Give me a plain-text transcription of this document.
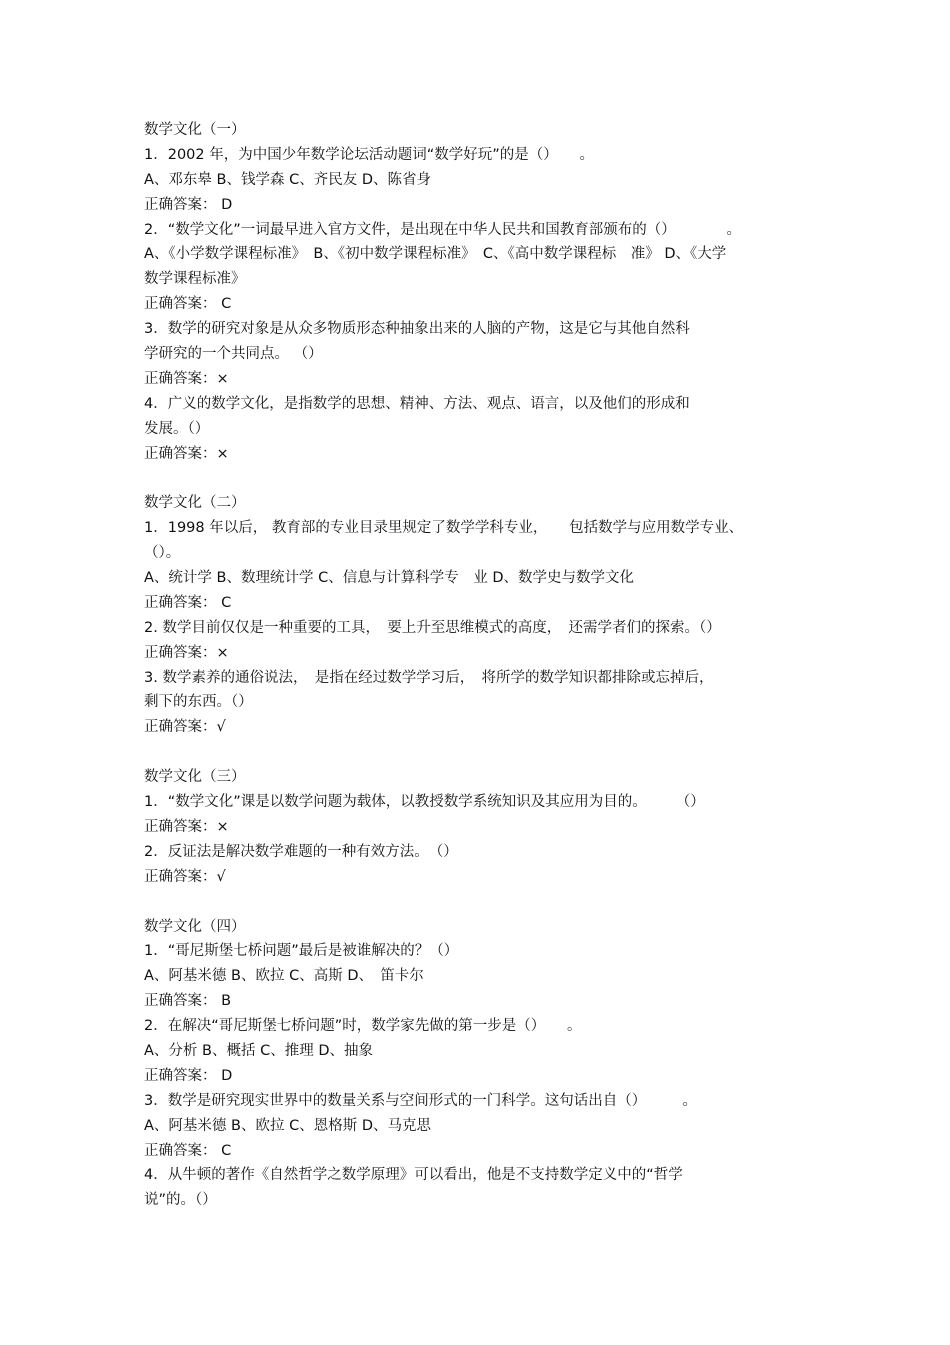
数学文化（一）
1．2002 年，为中国少年数学论坛活动题词“数学好玩”的是（）　　。
A、邓东皋 B、钱学森 C、齐民友 D、陈省身
正确答案： D
2．“数学文化”一词最早进入官方文件，是出现在中华人民共和国教育部颁布的（）　　　　。
A、《小学数学课程标准》　B、《初中数学课程标准》　C、《高中数学课程标　准》 D、《大学
数学课程标准》
正确答案： C
3．数学的研究对象是从众多物质形态种抽象出来的人脑的产物，这是它与其他自然科
学研究的一个共同点。 （）
正确答案：×
4．广义的数学文化，是指数学的思想、精神、方法、观点、语言，以及他们的形成和
发展。（）
正确答案：×
数学文化（二）
1．1998 年以后， 教育部的专业目录里规定了数学学科专业，　　包括数学与应用数学专业、
（）。
A、统计学 B、数理统计学 C、信息与计算科学专　业 D、数学史与数学文化
正确答案： C
2. 数学目前仅仅是一种重要的工具，　要上升至思维模式的高度，　还需学者们的探索。（）
正确答案：×
3. 数学素养的通俗说法，　是指在经过数学学习后，　将所学的数学知识都排除或忘掉后，
剩下的东西。（）
正确答案：√
数学文化（三）
1．“数学文化”课是以数学问题为载体，以教授数学系统知识及其应用为目的。　　　（）
正确答案：×
2．反证法是解决数学难题的一种有效方法。　（）
正确答案：√
数学文化（四）
1．“哥尼斯堡七桥问题”最后是被谁解决的？（）
A、阿基米德 B、欧拉 C、高斯 D、　笛卡尔
正确答案： B
2．在解决“哥尼斯堡七桥问题”时，数学家先做的第一步是（）　　。
A、分析 B、概括 C、推理 D、抽象
正确答案： D
3．数学是研究现实世界中的数量关系与空间形式的一门科学。这句话出自（）　　　。
A、阿基米德 B、欧拉 C、恩格斯 D、马克思
正确答案： C
4．从牛顿的著作《自然哲学之数学原理》可以看出，他是不支持数学定义中的“哲学
说”的。（）
